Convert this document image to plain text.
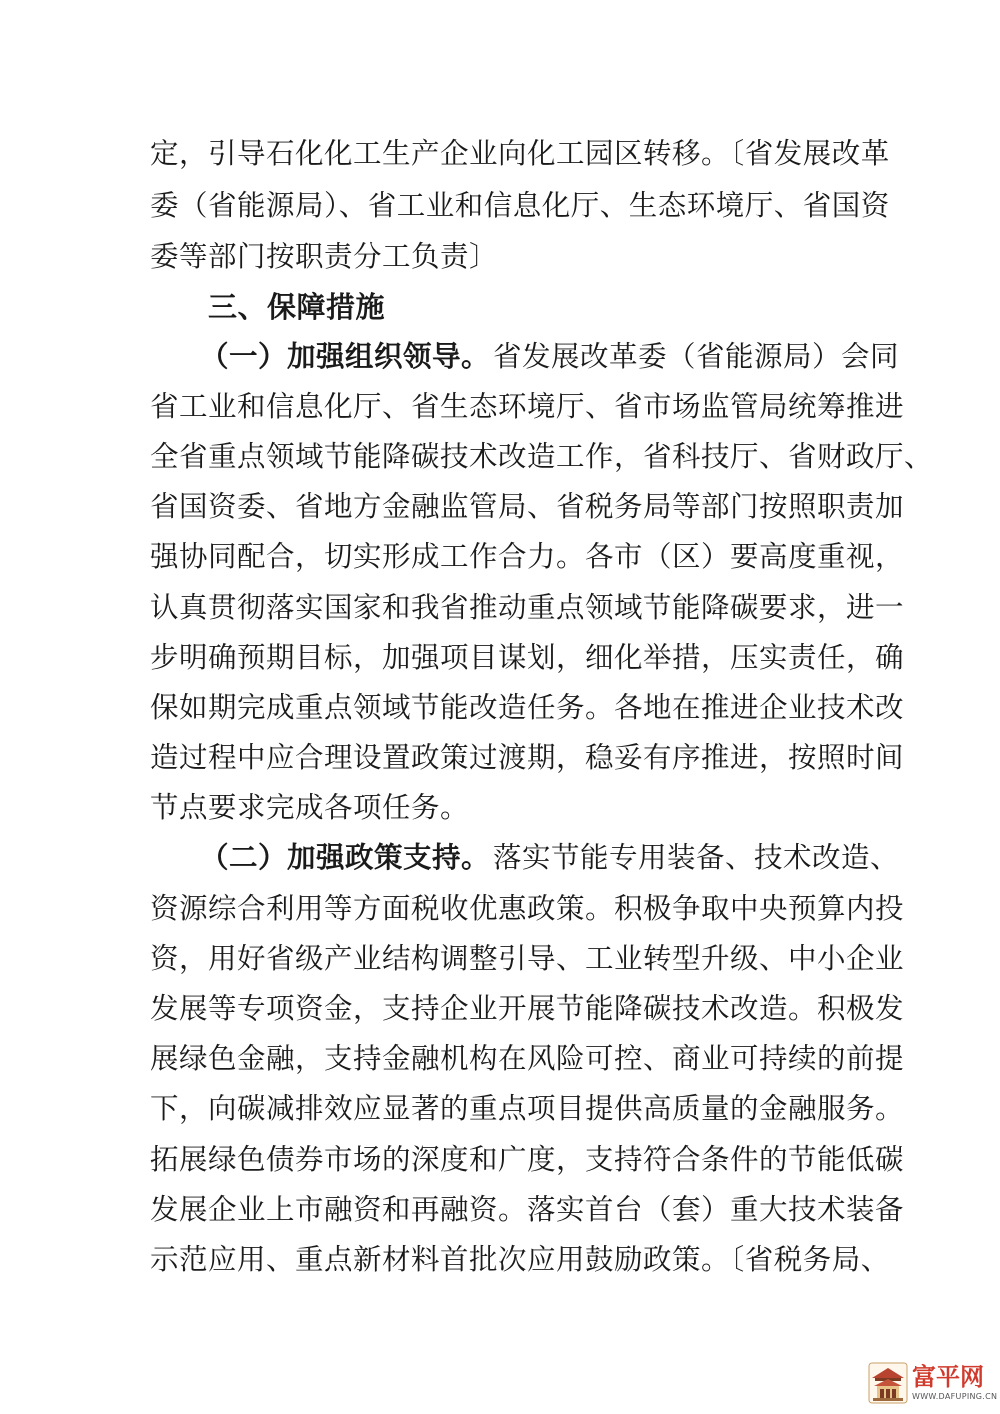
定，引导石化化工生产企业向化工园区转移。〔省发展改革
委（省能源局）、省工业和信息化厅、生态环境厅、省国资
委等部门按职责分工负责〕
三、保障措施
（一）加强组织领导。 省发展改革委（省能源局）会同
省工业和信息化厅、省生态环境厅、省市场监管局统筹推进
全省重点领域节能降碳技术改造工作，省科技厅、省财政厅、
省国资委、省地方金融监管局、省税务局等部门按照职责加
强协同配合，切实形成工作合力。各市（区）要高度重视，
认真贯彻落实国家和我省推动重点领域节能降碳要求，进一
步明确预期目标，加强项目谋划，细化举措，压实责任，确
保如期完成重点领域节能改造任务。各地在推进企业技术改
造过程中应合理设置政策过渡期，稳妥有序推进，按照时间
节点要求完成各项任务。
（二）加强政策支持。 落实节能专用装备、技术改造、
资源综合利用等方面税收优惠政策。积极争取中央预算内投
资，用好省级产业结构调整引导、工业转型升级、中小企业
发展等专项资金，支持企业开展节能降碳技术改造。积极发
展绿色金融，支持金融机构在风险可控、商业可持续的前提
下，向碳减排效应显著的重点项目提供高质量的金融服务。
拓展绿色债券市场的深度和广度，支持符合条件的节能低碳
发展企业上市融资和再融资。落实首台（套）重大技术装备
示范应用、重点新材料首批次应用鼓励政策。〔省税务局、
富平网
WWW.DAFUPING.CN
